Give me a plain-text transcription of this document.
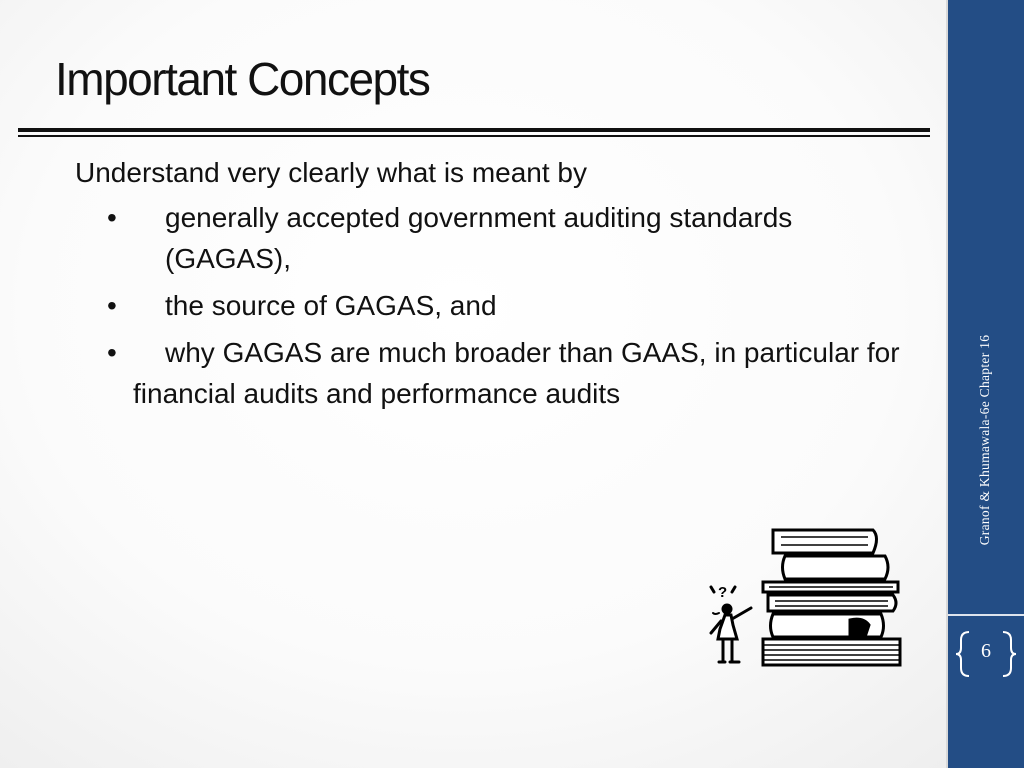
Important Concepts

Understand very clearly what is meant by

• generally accepted government auditing standards (GAGAS),
• the source of GAGAS, and
•	why GAGAS are much broader than GAAS, in particular for financial audits and performance audits
?
Granof & Khumawala-6e Chapter 16
6
